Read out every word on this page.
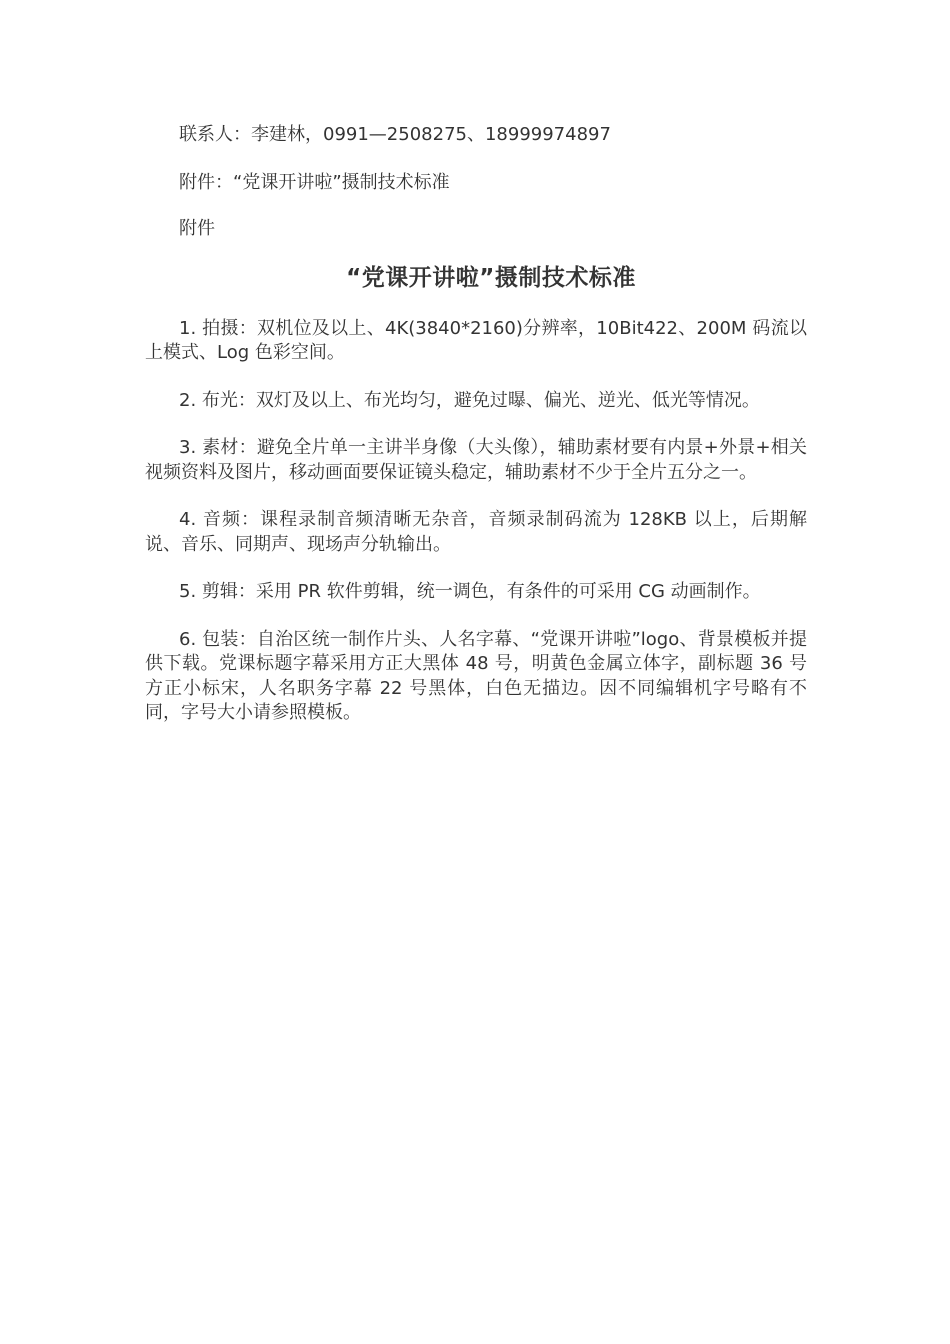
联系人：李建林，0991—2508275、18999974897

附件：“党课开讲啦”摄制技术标准

附件

“党课开讲啦”摄制技术标准

1. 拍摄：双机位及以上、4K(3840*2160)分辨率，10Bit422、200M 码流以上模式、Log 色彩空间。

2. 布光：双灯及以上、布光均匀，避免过曝、偏光、逆光、低光等情况。

3. 素材：避免全片单一主讲半身像（大头像），辅助素材要有内景+外景+相关视频资料及图片，移动画面要保证镜头稳定，辅助素材不少于全片五分之一。

4. 音频：课程录制音频清晰无杂音，音频录制码流为 128KB 以上，后期解说、音乐、同期声、现场声分轨输出。

5. 剪辑：采用 PR 软件剪辑，统一调色，有条件的可采用 CG 动画制作。

6. 包装：自治区统一制作片头、人名字幕、“党课开讲啦”logo、背景模板并提供下载。党课标题字幕采用方正大黑体 48 号，明黄色金属立体字，副标题 36 号方正小标宋，人名职务字幕 22 号黑体，白色无描边。因不同编辑机字号略有不同，字号大小请参照模板。
